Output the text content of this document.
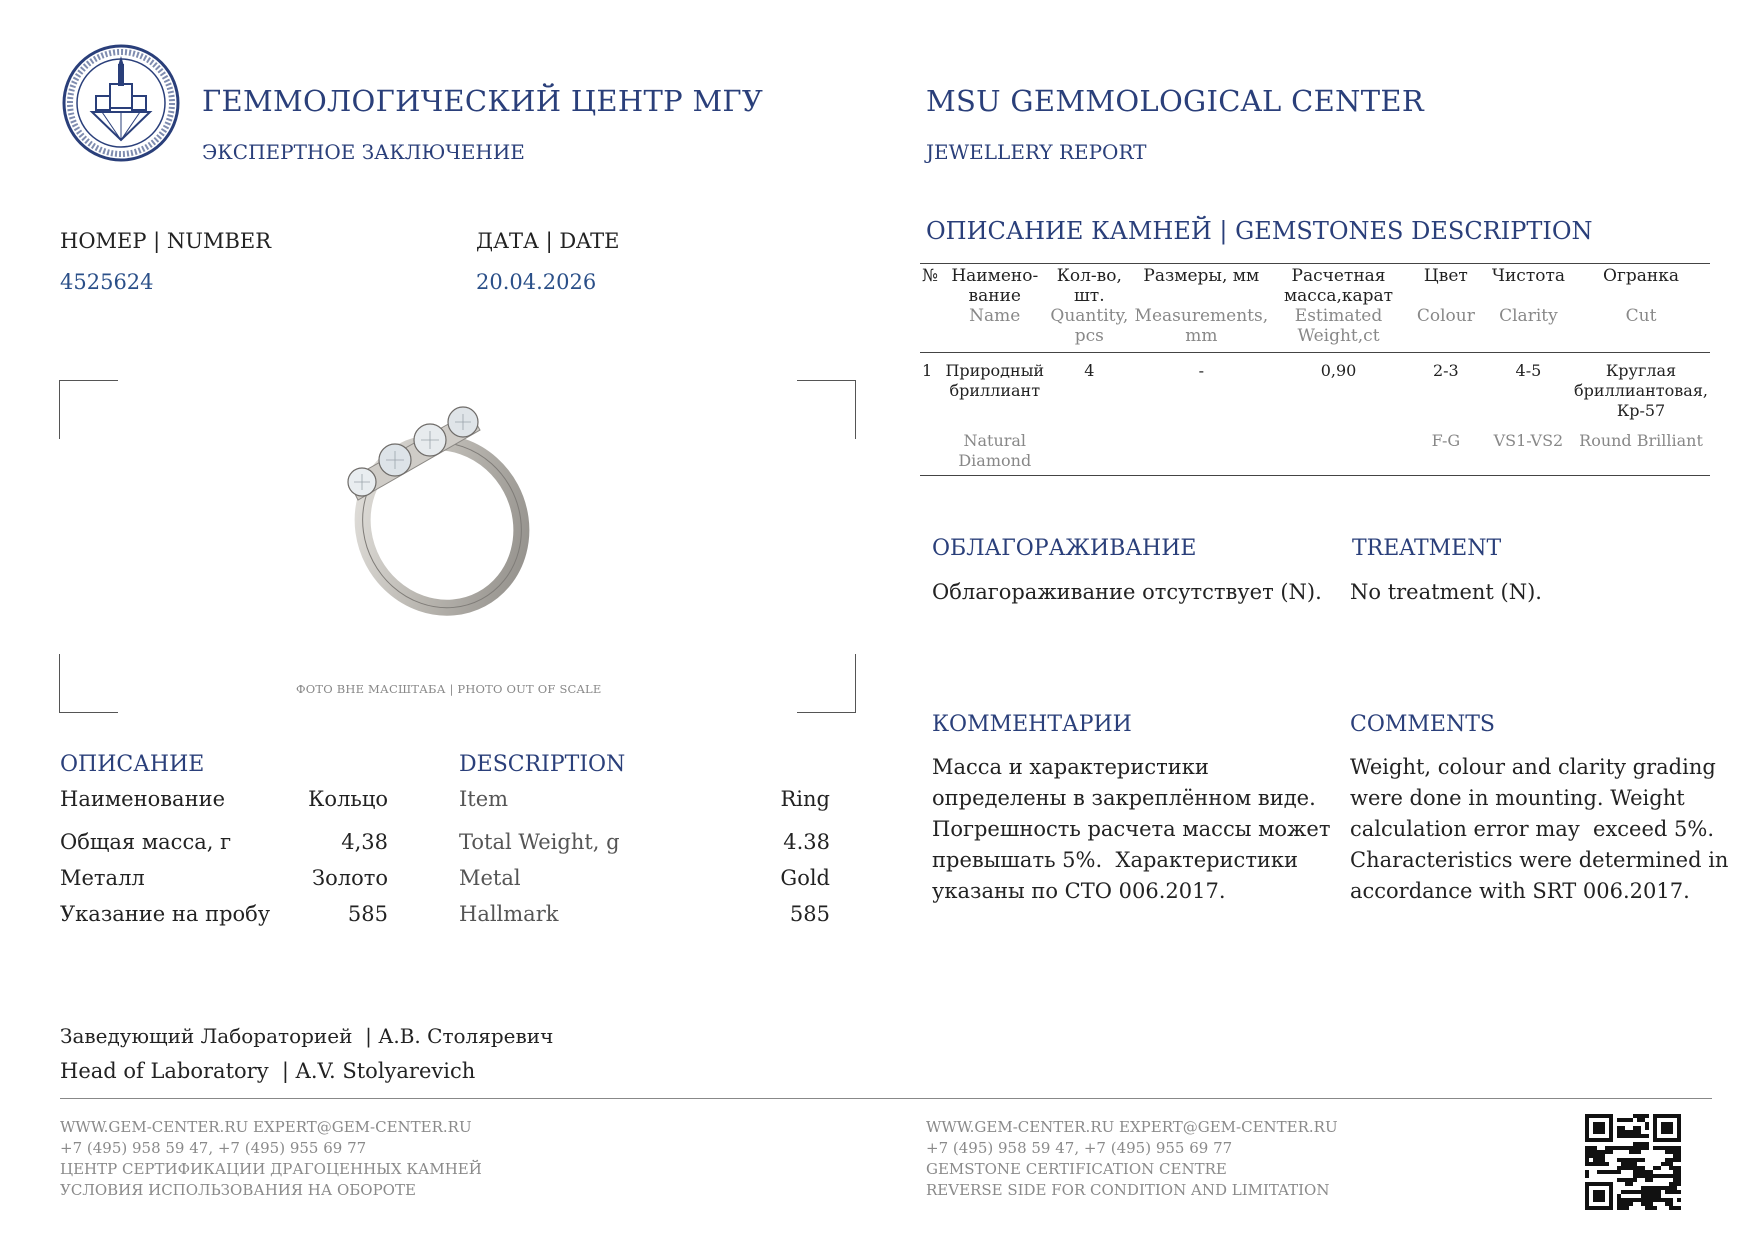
ГЕММОЛОГИЧЕСКИЙ ЦЕНТР МГУ
ЭКСПЕРТНОЕ ЗАКЛЮЧЕНИЕ
MSU GEMMOLOGICAL CENTER
JEWELLERY REPORT
НОМЕР | NUMBER
4525624
ДАТА | DATE
20.04.2026
ФОТО ВНЕ МАСШТАБА | PHOTO OUT OF SCALE
ОПИСАНИЕ	DESCRIPTION
Наименование	Кольцо	Item	Ring
Общая масса, г	4,38	Total Weight, g	4.38
Металл	Золото	Metal	Gold
Указание на пробу	585	Hallmark	585
Заведующий Лабораторией  | А.В. Столяревич
Head of Laboratory  | A.V. Stolyarevich
ОПИСАНИЕ КАМНЕЙ | GEMSTONES DESCRIPTION
№	Наимено-вание	Кол-во, шт.	Размеры, мм	Расчетная масса,карат	Цвет	Чистота	Огранка
	Name	Quantity, pcs	Measurements, mm	Estimated Weight,ct	Colour	Clarity	Cut
1	Природный бриллиант	4	-	0,90	2-3	4-5	Круглая бриллиантовая, Кр-57
	Natural Diamond				F-G	VS1-VS2	Round Brilliant
ОБЛАГОРАЖИВАНИЕ	TREATMENT
Облагораживание отсутствует (N). No treatment (N).
КОММЕНТАРИИ	COMMENTS
Масса и характеристики
определены в закреплённом виде.
Погрешность расчета массы может
превышать 5%.  Характеристики
указаны по СТО 006.2017.
Weight, colour and clarity grading
were done in mounting. Weight
calculation error may  exceed 5%.
Characteristics were determined in
accordance with SRT 006.2017.
WWW.GEM-CENTER.RU EXPERT@GEM-CENTER.RU
+7 (495) 958 59 47, +7 (495) 955 69 77
ЦЕНТР СЕРТИФИКАЦИИ ДРАГОЦЕННЫХ КАМНЕЙ
УСЛОВИЯ ИСПОЛЬЗОВАНИЯ НА ОБОРОТЕ
WWW.GEM-CENTER.RU EXPERT@GEM-CENTER.RU
+7 (495) 958 59 47, +7 (495) 955 69 77
GEMSTONE CERTIFICATION CENTRE
REVERSE SIDE FOR CONDITION AND LIMITATION
